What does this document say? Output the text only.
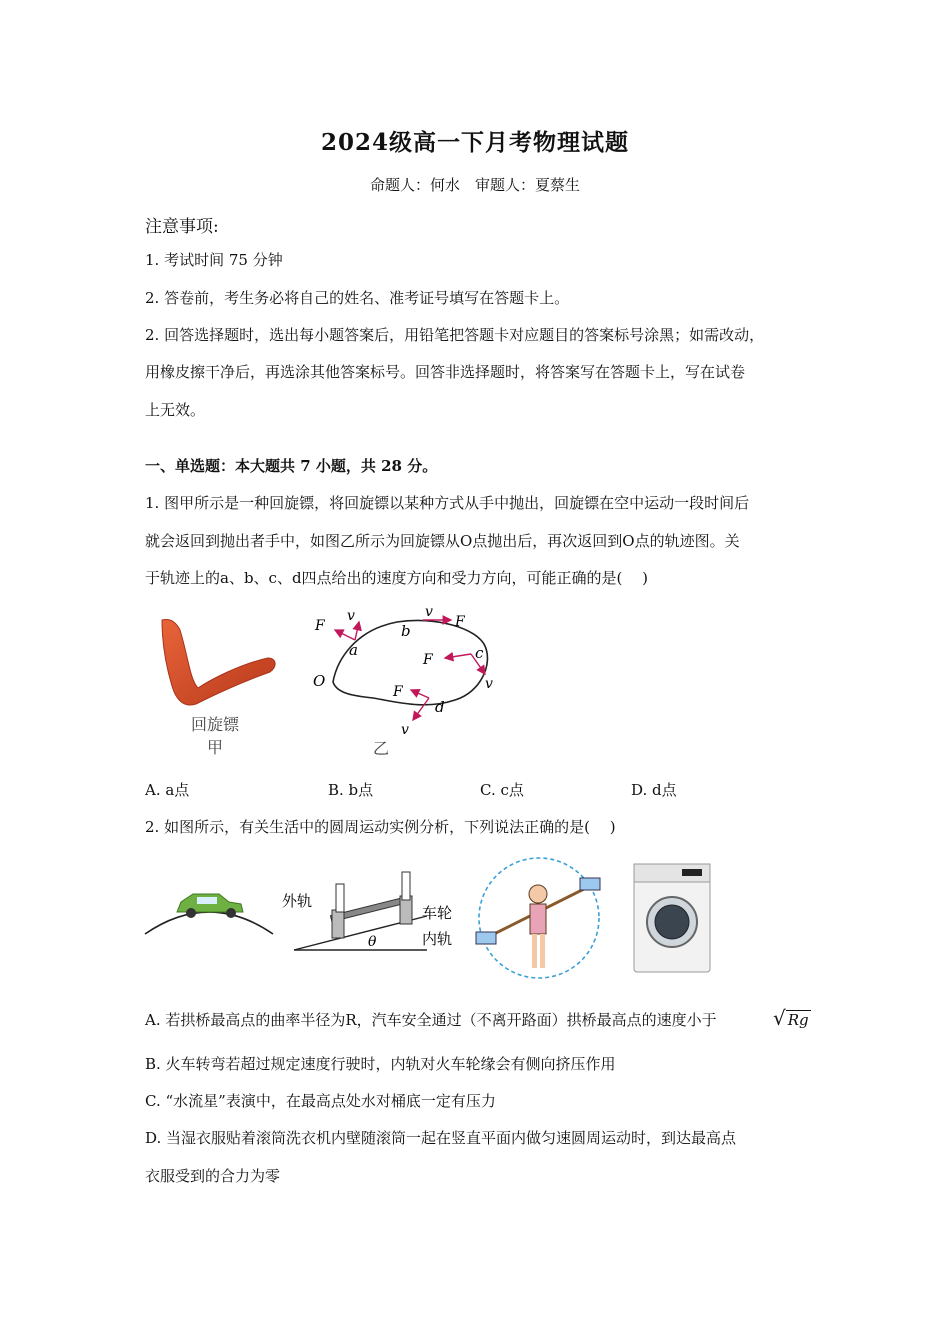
2024级高一下月考物理试题
命题人：何水　审题人：夏蔡生
注意事项:
1. 考试时间 75 分钟
2. 答卷前，考生务必将自己的姓名、准考证号填写在答题卡上。
2. 回答选择题时，选出每小题答案后，用铅笔把答题卡对应题目的答案标号涂黑；如需改动，
用橡皮擦干净后，再选涂其他答案标号。回答非选择题时，将答案写在答题卡上，写在试卷
上无效。
一、单选题：本大题共 7 小题，共 28 分。
1. 图甲所示是一种回旋镖，将回旋镖以某种方式从手中抛出，回旋镖在空中运动一段时间后
就会返回到抛出者手中，如图乙所示为回旋镖从O点抛出后，再次返回到O点的轨迹图。关
于轨迹上的a、b、c、d四点给出的速度方向和受力方向，可能正确的是(　 )
回旋镖
甲
O
a
b
c
d
F
v	v
F
F
v
F
v
乙
A. a点	B. b点	C. c点	D. d点
2. 如图所示，有关生活中的圆周运动实例分析，下列说法正确的是(　 )
外轨
车轮
内轨
θ
A. 若拱桥最高点的曲率半径为R，汽车安全通过（不离开路面）拱桥最高点的速度小于	√ Rg
B. 火车转弯若超过规定速度行驶时，内轨对火车轮缘会有侧向挤压作用
C. “水流星”表演中，在最高点处水对桶底一定有压力
D. 当湿衣服贴着滚筒洗衣机内壁随滚筒一起在竖直平面内做匀速圆周运动时，到达最高点
衣服受到的合力为零
